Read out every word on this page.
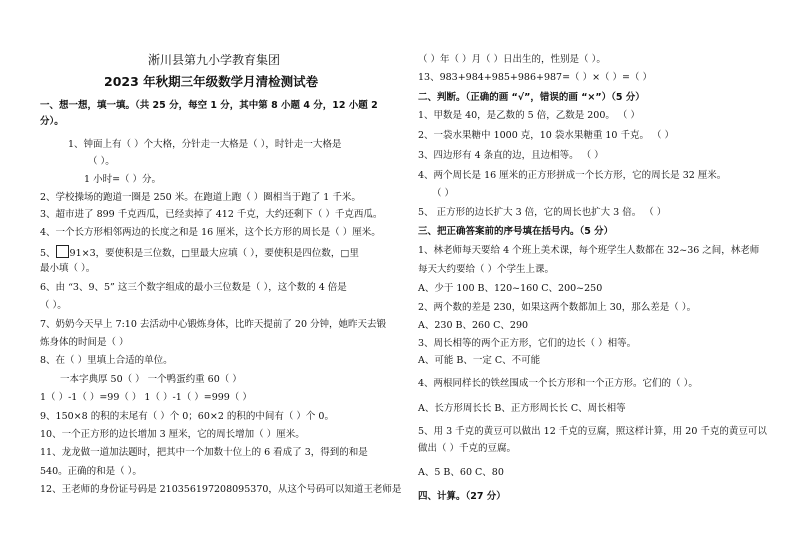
淅川县第九小学教育集团
2023 年秋期三年级数学月清检测试卷
一、想一想，填一填。（共 25 分，每空 1 分，其中第 8 小题 4 分，12 小题 2
分）。
1、钟面上有（ ）个大格，分针走一大格是（ ），时针走一大格是
（ ）。
1 小时=（ ）分。
2、学校操场的跑道一圈是 250 米。在跑道上跑（ ）圈相当于跑了 1 千米。
3、超市进了 899 千克西瓜，已经卖掉了 412 千克，大约还剩下（ ）千克西瓜。
4、一个长方形相邻两边的长度之和是 16 厘米，这个长方形的周长是（ ）厘米。
5、 91×3，要使积是三位数，□里最大应填（ ），要使积是四位数，□里
最小填（ ）。
6、由 “3、9、5” 这三个数字组成的最小三位数是（ ），这个数的 4 倍是
（ ）。
7、奶奶今天早上 7:10 去活动中心锻炼身体，比昨天提前了 20 分钟，她昨天去锻
炼身体的时间是（ ）
8、在（ ）里填上合适的单位。
一本字典厚 50（ ） 一个鸭蛋约重 60（ ）
1（ ）-1（ ）=99（ ） 1（ ）-1（ ）=999（ ）
9、150×8 的积的末尾有（ ）个 0；60×2 的积的中间有（ ）个 0。
10、一个正方形的边长增加 3 厘米，它的周长增加（ ）厘米。
11、龙龙做一道加法题时，把其中一个加数十位上的 6 看成了 3，得到的和是
540。正确的和是（ ）。
12、王老师的身份证号码是 210356197208095370，从这个号码可以知道王老师是
（ ）年（ ）月（ ）日出生的，性别是（ ）。
13、983+984+985+986+987=（ ）×（ ）=（ ）
二、判断。（正确的画 “√”，错误的画 “×”）（5 分）
1、甲数是 40，是乙数的 5 倍，乙数是 200。 （ ）
2、一袋水果糖中 1000 克，10 袋水果糖重 10 千克。 （ ）
3、四边形有 4 条直的边，且边相等。 （ ）
4、两个周长是 16 厘米的正方形拼成一个长方形，它的周长是 32 厘米。
（ ）
5、 正方形的边长扩大 3 倍，它的周长也扩大 3 倍。 （ ）
三、把正确答案前的序号填在括号内。（5 分）
1、林老师每天要给 4 个班上美术课，每个班学生人数都在 32~36 之间，林老师
每天大约要给（ ）个学生上课。
A、少于 100 B、120~160 C、200~250
2、两个数的差是 230，如果这两个数都加上 30，那么差是（ ）。
A、230 B、260 C、290
3、周长相等的两个正方形，它们的边长（ ）相等。
A、可能 B、一定 C、不可能
4、两根同样长的铁丝围成一个长方形和一个正方形。它们的（ ）。
A、长方形周长长 B、正方形周长长 C、周长相等
5、用 3 千克的黄豆可以做出 12 千克的豆腐，照这样计算，用 20 千克的黄豆可以
做出（ ）千克的豆腐。
A、5 B、60 C、80
四、计算。（27 分）
